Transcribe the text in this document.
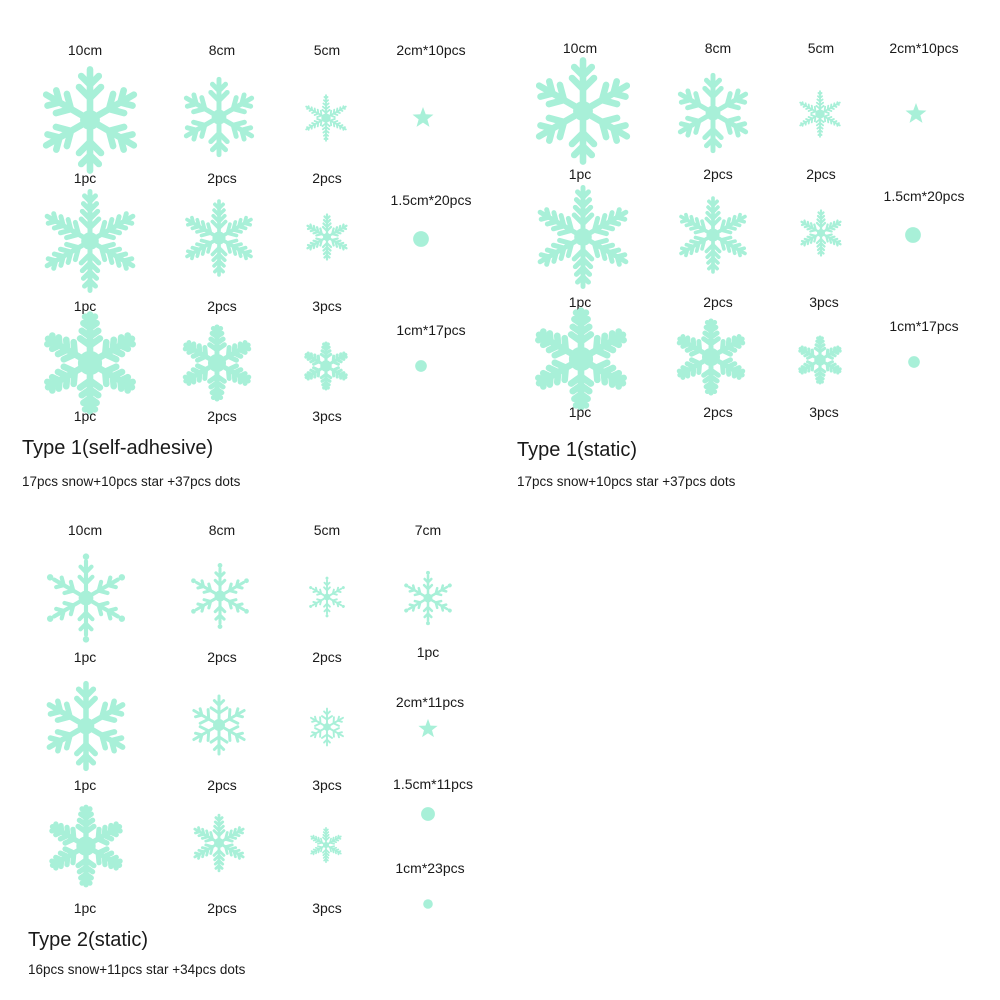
10cm	8cm	5cm	2cm*10pcs
1pc	2pcs	2pcs
1.5cm*20pcs
1pc	2pcs	3pcs
1cm*17pcs
1pc	2pcs	3pcs
Type 1(self-adhesive)
17pcs snow+10pcs star +37pcs dots
10cm	8cm	5cm	2cm*10pcs
1pc	2pcs	2pcs
1.5cm*20pcs
1pc	2pcs	3pcs
1cm*17pcs
1pc	2pcs	3pcs
Type 1(static)
17pcs snow+10pcs star +37pcs dots
10cm	8cm	5cm	7cm
1pc	2pcs	2pcs	1pc
2cm*11pcs
1pc	2pcs	3pcs	1.5cm*11pcs
1cm*23pcs
1pc	2pcs	3pcs
Type 2(static)
16pcs snow+11pcs star +34pcs dots
